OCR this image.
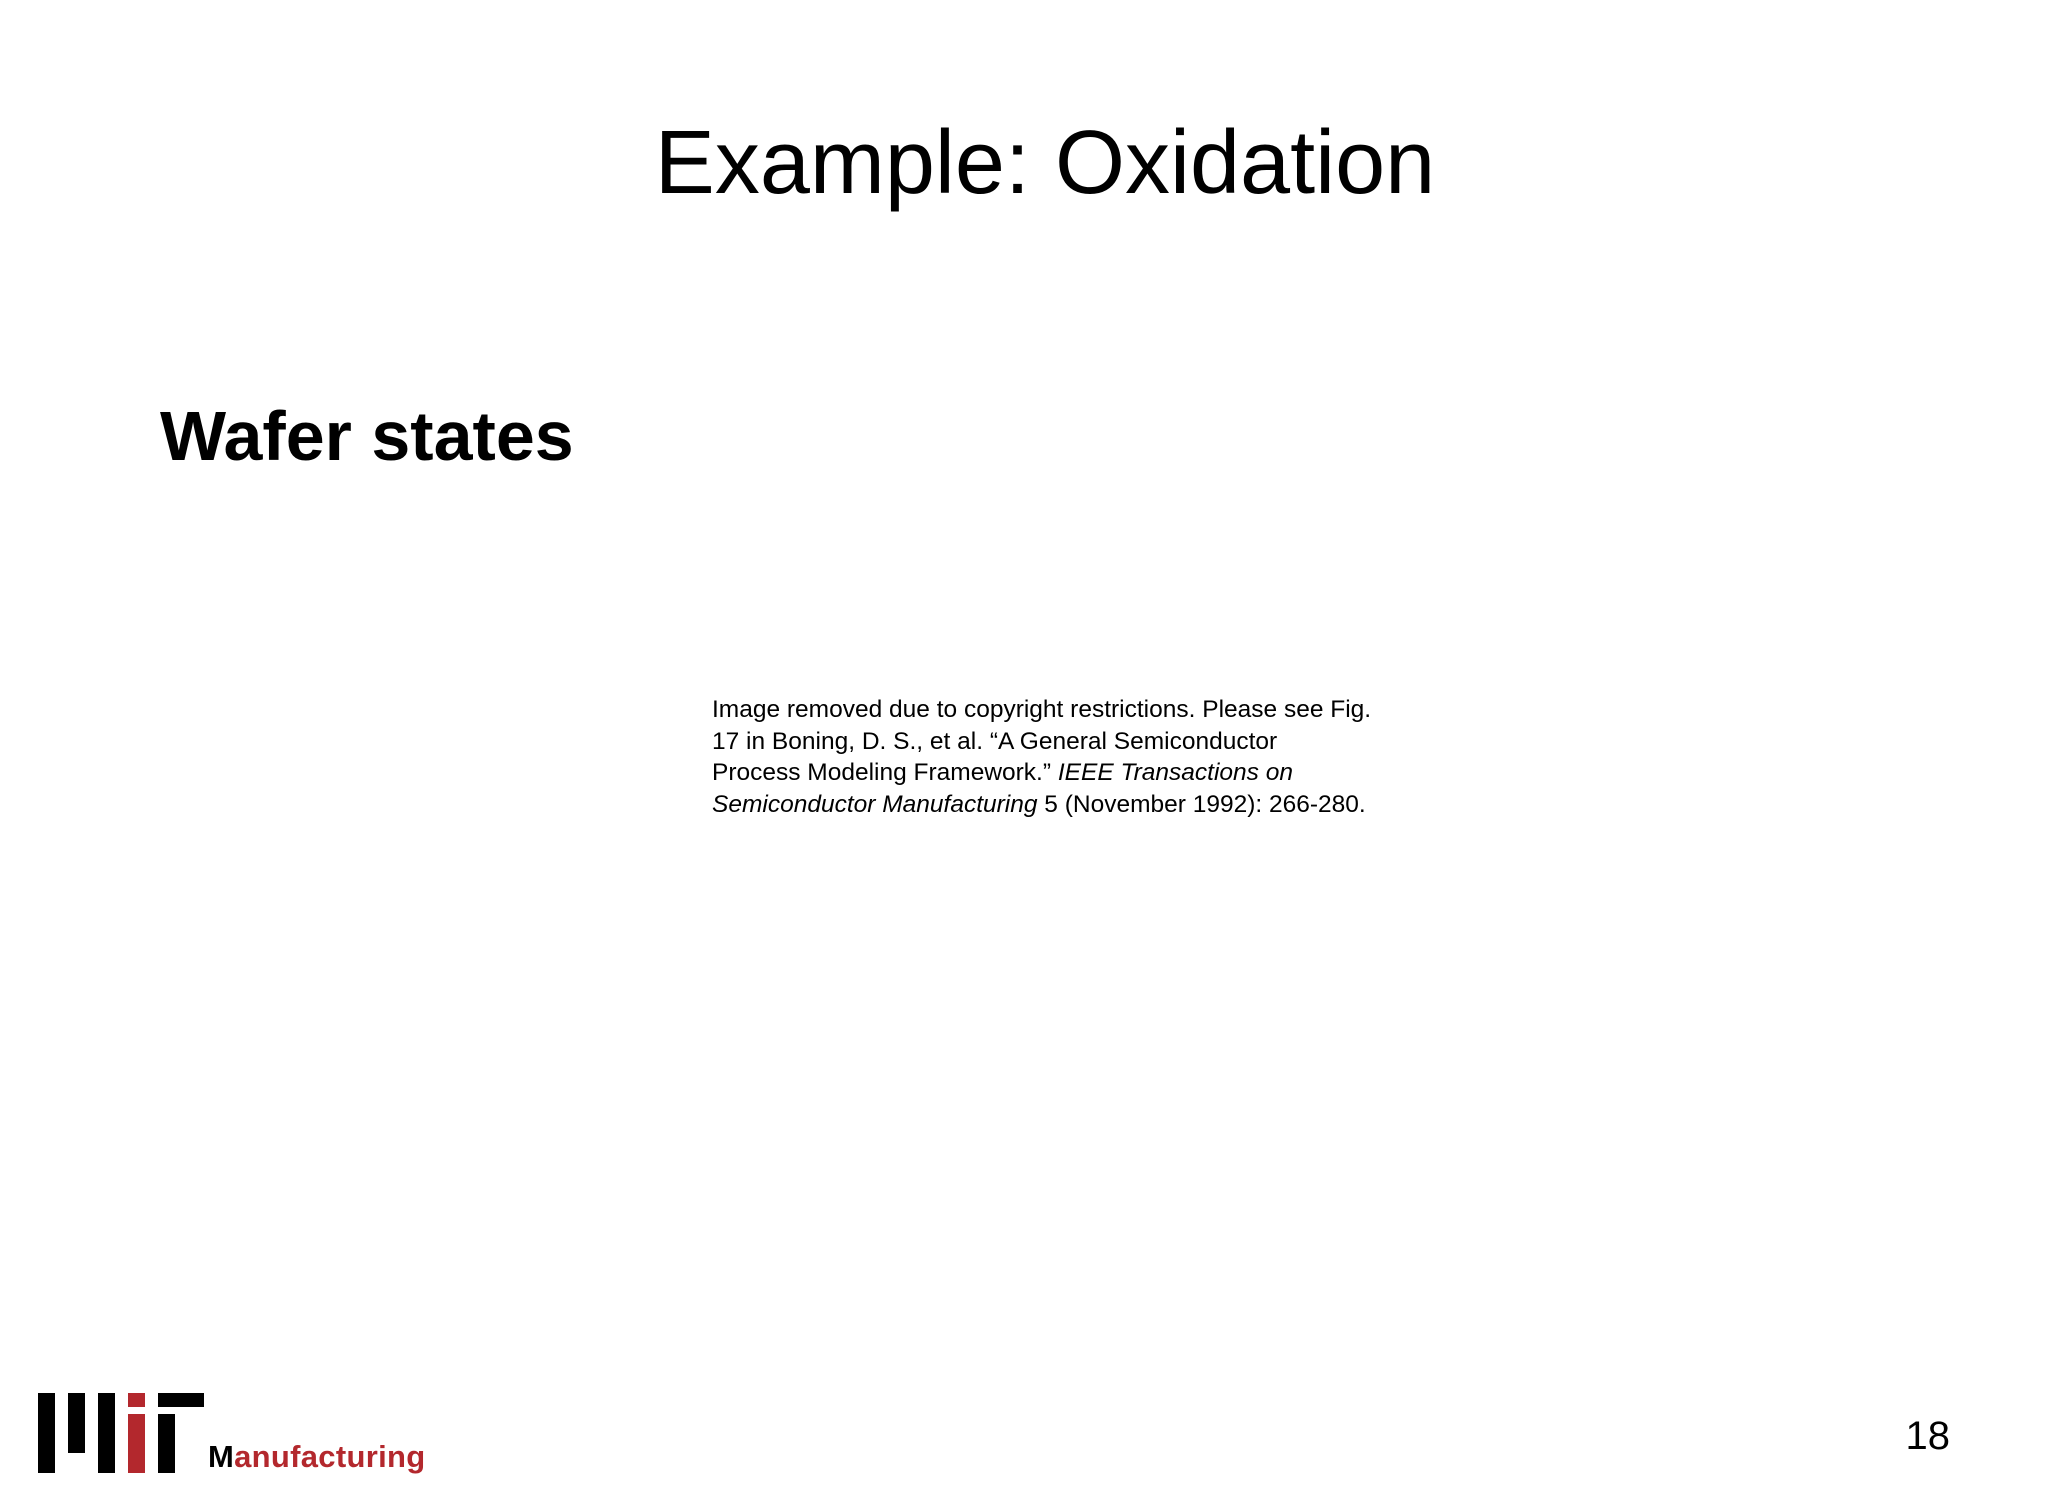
Example: Oxidation
Wafer states
Image removed due to copyright restrictions. Please see Fig.
17 in Boning, D. S., et al. “A General Semiconductor
Process Modeling Framework.” IEEE Transactions on
Semiconductor Manufacturing 5 (November 1992): 266-280.
Manufacturing	18
